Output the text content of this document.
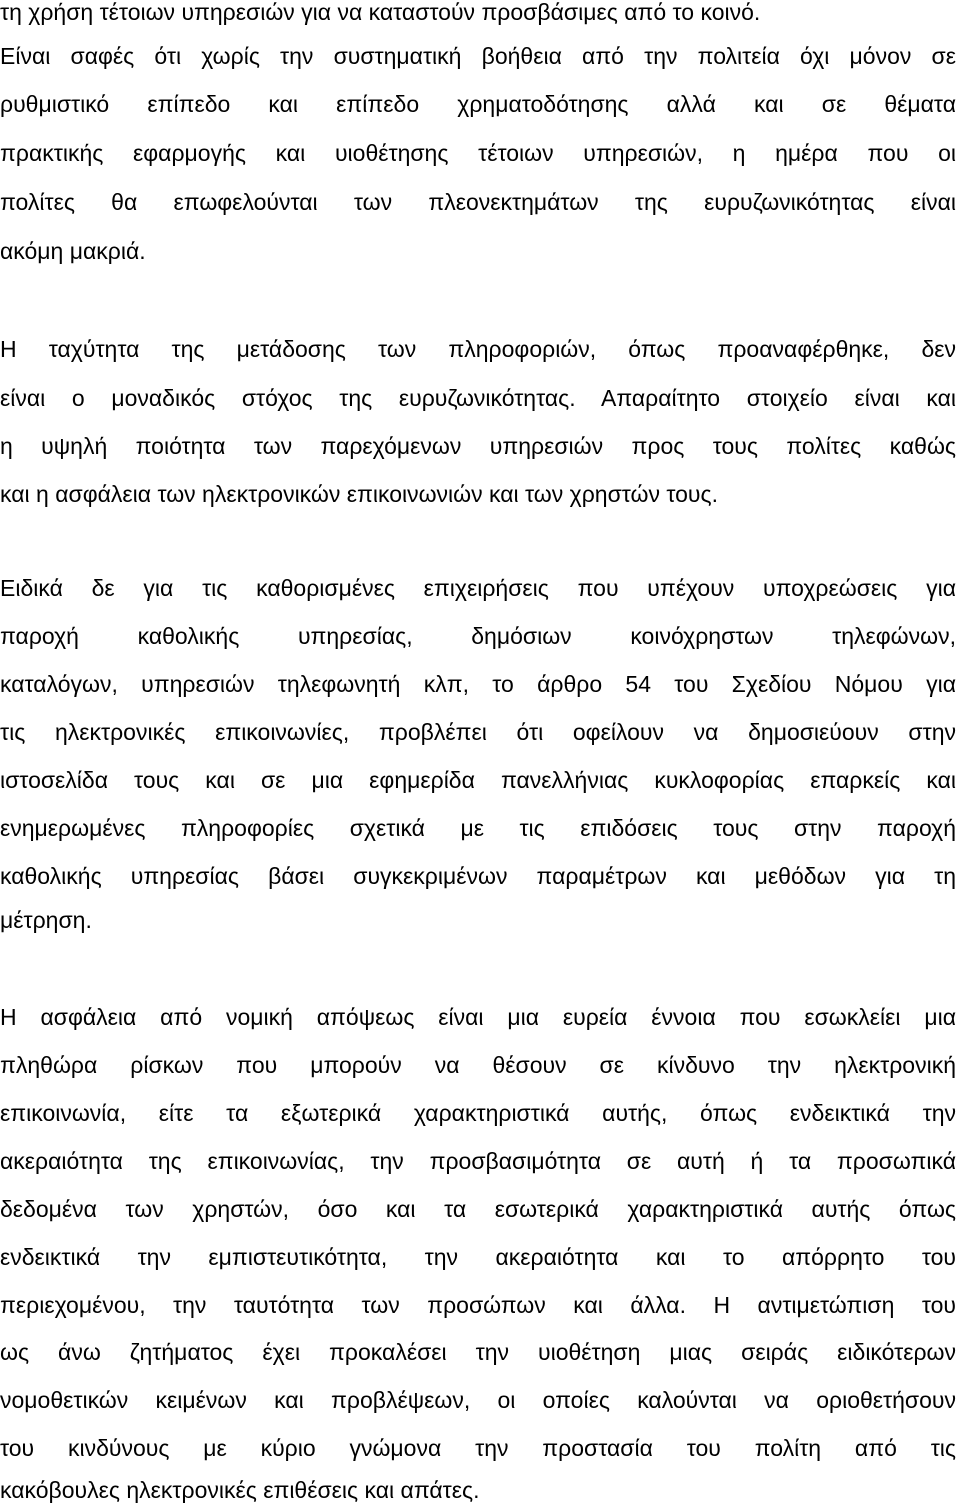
τη χρήση τέτοιων υπηρεσιών για να καταστούν προσβάσιμες από το κοινό.
Είναι σαφές ότι χωρίς την συστηματική βοήθεια από την πολιτεία όχι μόνον σε
ρυθμιστικό επίπεδο και επίπεδο χρηματοδότησης αλλά και σε θέματα
πρακτικής εφαρμογής και υιοθέτησης τέτοιων υπηρεσιών, η ημέρα που οι
πολίτες θα επωφελούνται των πλεονεκτημάτων της ευρυζωνικότητας είναι
ακόμη μακριά.
Η ταχύτητα της μετάδοσης των πληροφοριών, όπως προαναφέρθηκε, δεν
είναι ο μοναδικός στόχος της ευρυζωνικότητας. Απαραίτητο στοιχείο είναι και
η υψηλή ποιότητα των παρεχόμενων υπηρεσιών προς τους πολίτες καθώς
και η ασφάλεια των ηλεκτρονικών επικοινωνιών και των χρηστών τους.
Ειδικά δε για τις καθορισμένες επιχειρήσεις που υπέχουν υποχρεώσεις για
παροχή καθολικής υπηρεσίας, δημόσιων κοινόχρηστων τηλεφώνων,
καταλόγων, υπηρεσιών τηλεφωνητή κλπ, το άρθρο 54 του Σχεδίου Νόμου για
τις ηλεκτρονικές επικοινωνίες, προβλέπει ότι οφείλουν να δημοσιεύουν στην
ιστοσελίδα τους και σε μια εφημερίδα πανελλήνιας κυκλοφορίας επαρκείς και
ενημερωμένες πληροφορίες σχετικά με τις επιδόσεις τους στην παροχή
καθολικής υπηρεσίας βάσει συγκεκριμένων παραμέτρων και μεθόδων για τη
μέτρηση.
Η ασφάλεια από νομική απόψεως είναι μια ευρεία έννοια που εσωκλείει μια
πληθώρα ρίσκων που μπορούν να θέσουν σε κίνδυνο την ηλεκτρονική
επικοινωνία, είτε τα εξωτερικά χαρακτηριστικά αυτής, όπως ενδεικτικά την
ακεραιότητα της επικοινωνίας, την προσβασιμότητα σε αυτή ή τα προσωπικά
δεδομένα των χρηστών, όσο και τα εσωτερικά χαρακτηριστικά αυτής όπως
ενδεικτικά την εμπιστευτικότητα, την ακεραιότητα και το απόρρητο του
περιεχομένου, την ταυτότητα των προσώπων και άλλα. Η αντιμετώπιση του
ως άνω ζητήματος έχει προκαλέσει την υιοθέτηση μιας σειράς ειδικότερων
νομοθετικών κειμένων και προβλέψεων, οι οποίες καλούνται να οριοθετήσουν
του κινδύνους με κύριο γνώμονα την προστασία του πολίτη από τις
κακόβουλες ηλεκτρονικές επιθέσεις και απάτες.
